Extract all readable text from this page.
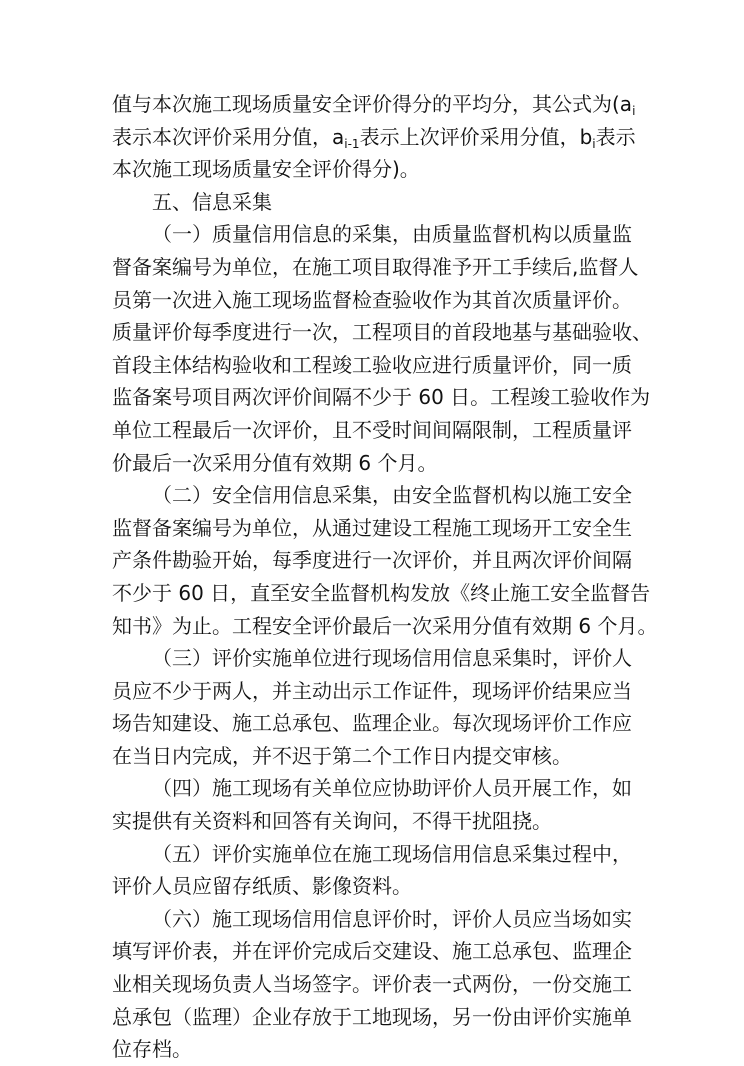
值与本次施工现场质量安全评价得分的平均分，其公式为($a_i$
表示本次评价采用分值，$a_{i-1}$表示上次评价采用分值，$b_i$表示
本次施工现场质量安全评价得分)。
五、信息采集
（一）质量信用信息的采集，由质量监督机构以质量监
督备案编号为单位，在施工项目取得准予开工手续后,监督人
员第一次进入施工现场监督检查验收作为其首次质量评价。
质量评价每季度进行一次，工程项目的首段地基与基础验收、
首段主体结构验收和工程竣工验收应进行质量评价，同一质
监备案号项目两次评价间隔不少于 60 日。工程竣工验收作为
单位工程最后一次评价，且不受时间间隔限制，工程质量评
价最后一次采用分值有效期 6 个月。
（二）安全信用信息采集，由安全监督机构以施工安全
监督备案编号为单位，从通过建设工程施工现场开工安全生
产条件勘验开始，每季度进行一次评价，并且两次评价间隔
不少于 60 日，直至安全监督机构发放《终止施工安全监督告
知书》为止。工程安全评价最后一次采用分值有效期 6 个月。
（三）评价实施单位进行现场信用信息采集时，评价人
员应不少于两人，并主动出示工作证件，现场评价结果应当
场告知建设、施工总承包、监理企业。每次现场评价工作应
在当日内完成，并不迟于第二个工作日内提交审核。
（四）施工现场有关单位应协助评价人员开展工作，如
实提供有关资料和回答有关询问，不得干扰阻挠。
（五）评价实施单位在施工现场信用信息采集过程中，
评价人员应留存纸质、影像资料。
（六）施工现场信用信息评价时，评价人员应当场如实
填写评价表，并在评价完成后交建设、施工总承包、监理企
业相关现场负责人当场签字。评价表一式两份，一份交施工
总承包（监理）企业存放于工地现场，另一份由评价实施单
位存档。
